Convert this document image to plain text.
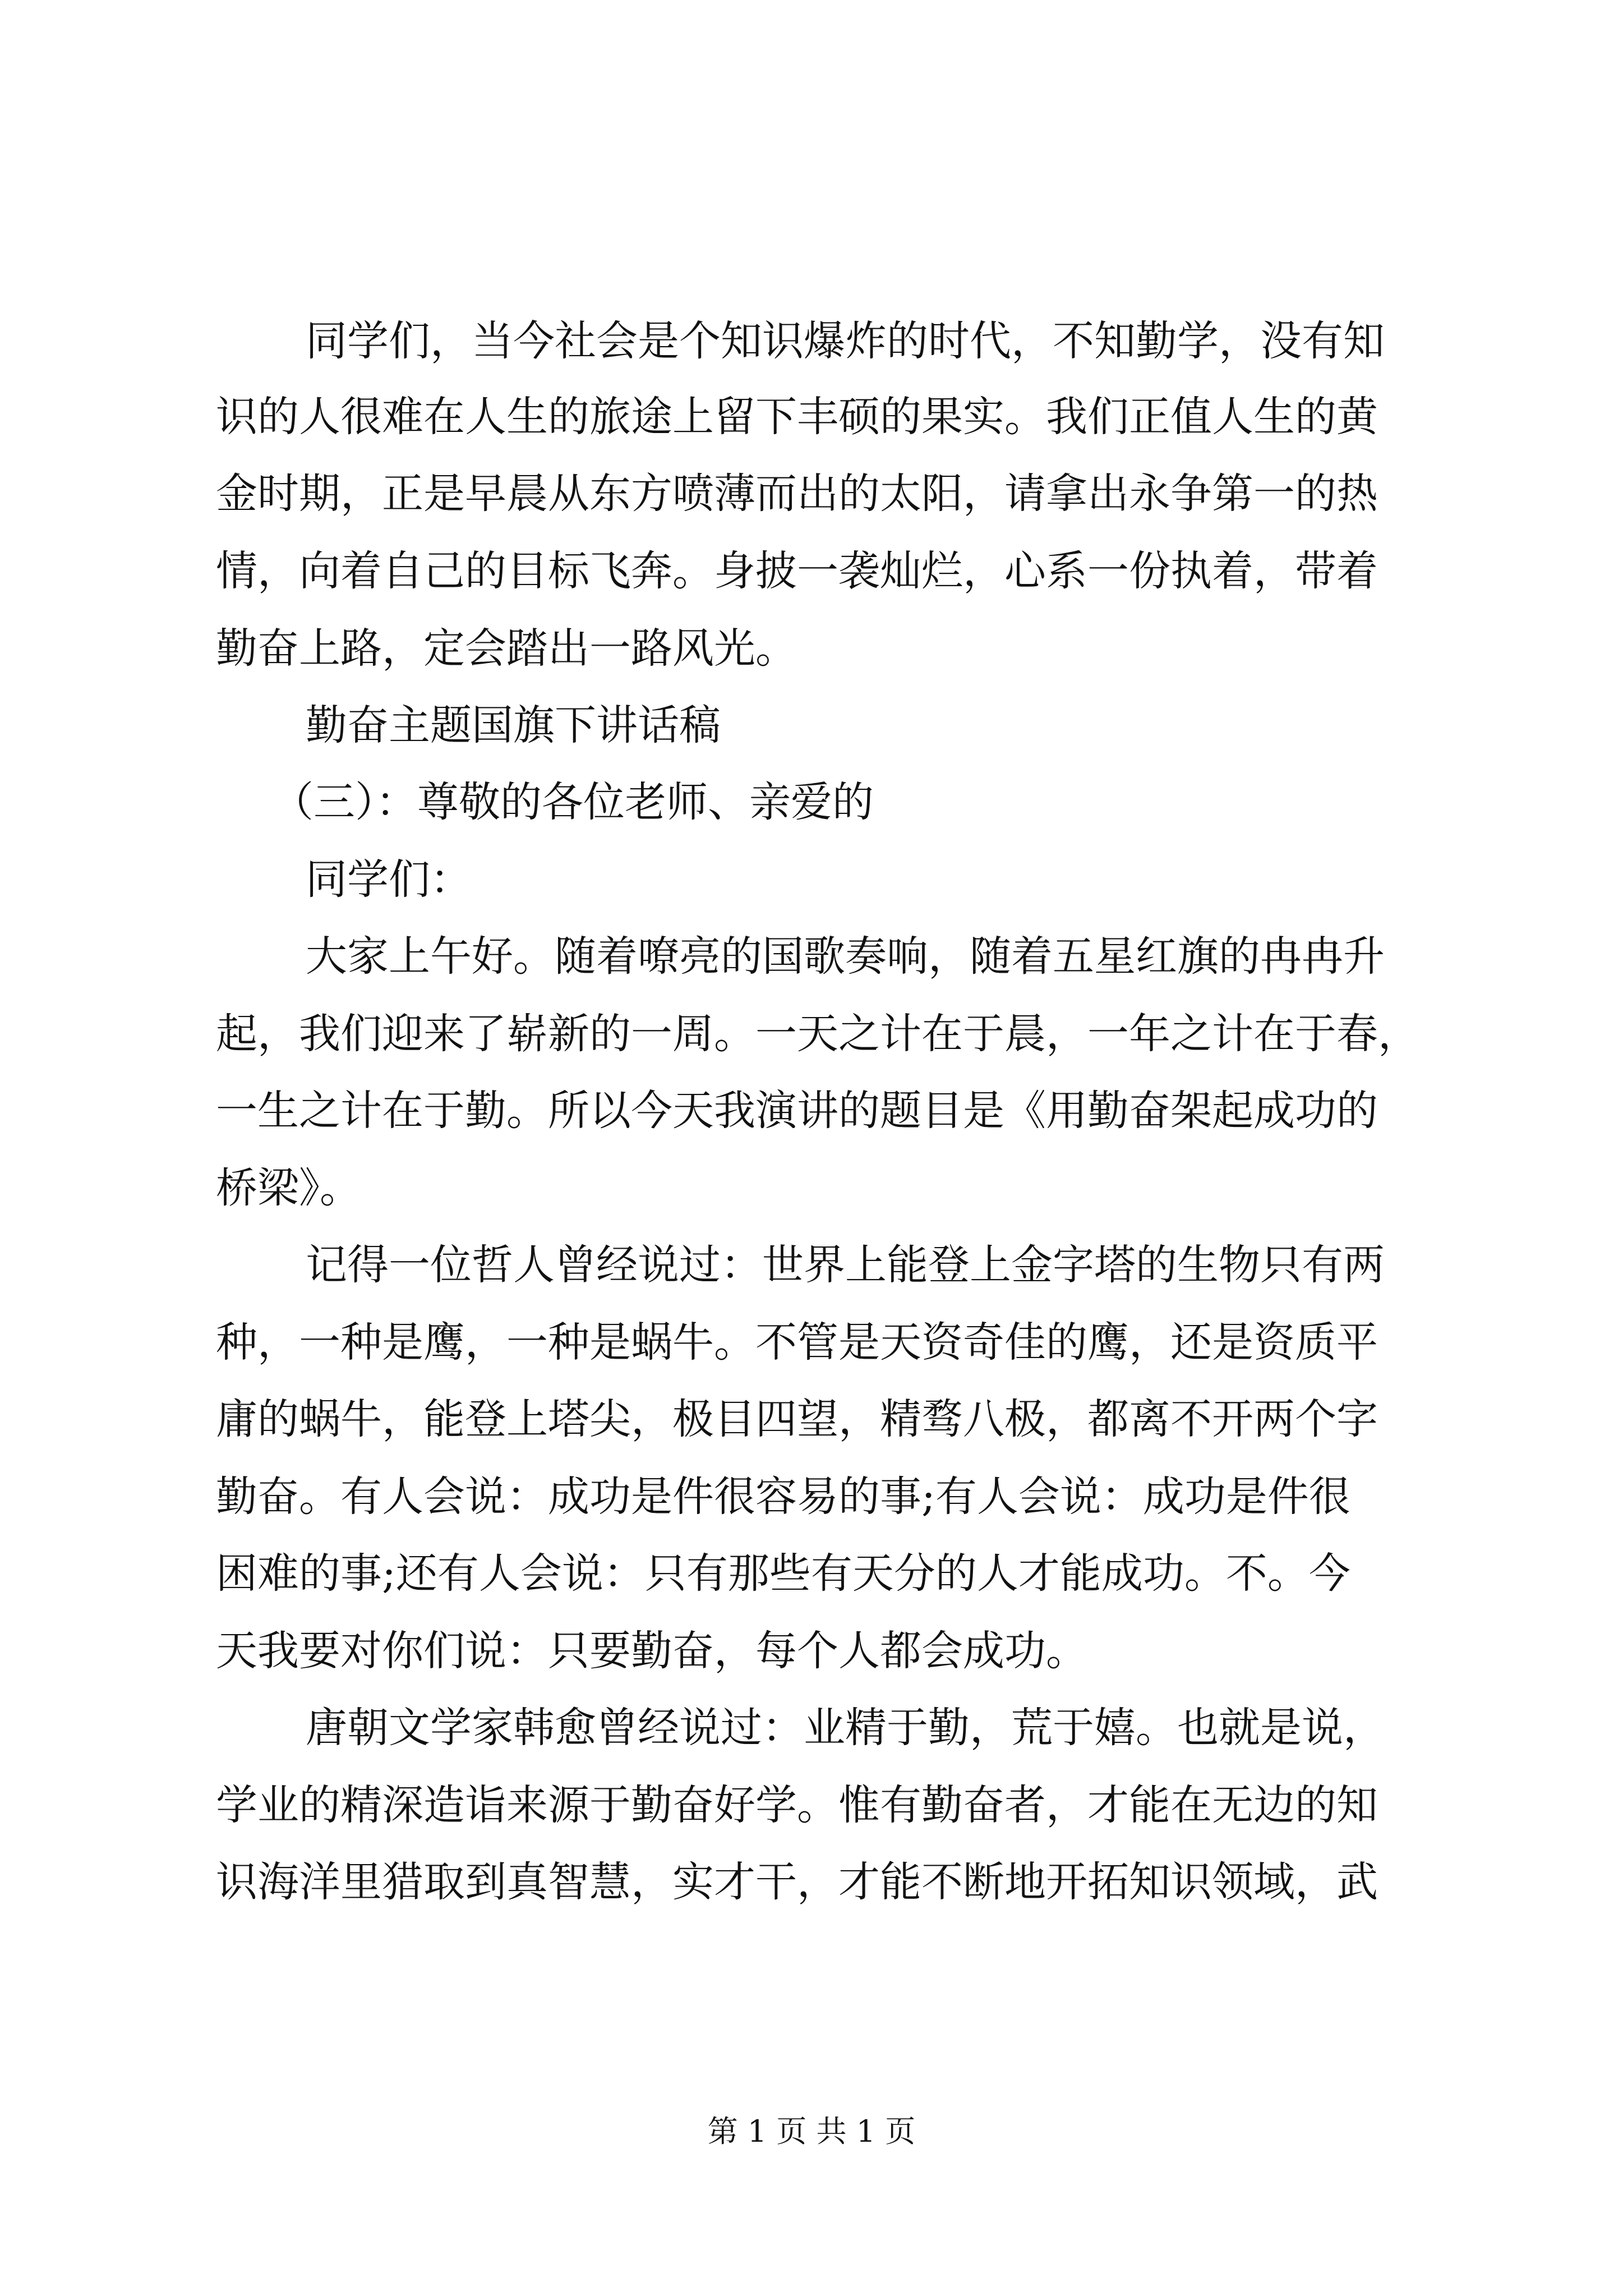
同学们，当今社会是个知识爆炸的时代，不知勤学，没有知
识的人很难在人生的旅途上留下丰硕的果实。我们正值人生的黄
金时期，正是早晨从东方喷薄而出的太阳，请拿出永争第一的热
情，向着自己的目标飞奔。身披一袭灿烂，心系一份执着，带着
勤奋上路，定会踏出一路风光。
勤奋主题国旗下讲话稿
（三）：尊敬的各位老师、亲爱的
同学们：
大家上午好。随着嘹亮的国歌奏响，随着五星红旗的冉冉升
起，我们迎来了崭新的一周。一天之计在于晨，一年之计在于春，
一生之计在于勤。所以今天我演讲的题目是《用勤奋架起成功的
桥梁》。
记得一位哲人曾经说过：世界上能登上金字塔的生物只有两
种，一种是鹰，一种是蜗牛。不管是天资奇佳的鹰，还是资质平
庸的蜗牛，能登上塔尖，极目四望，精骛八极，都离不开两个字
勤奋。有人会说：成功是件很容易的事;有人会说：成功是件很
困难的事;还有人会说：只有那些有天分的人才能成功。不。今
天我要对你们说：只要勤奋，每个人都会成功。
唐朝文学家韩愈曾经说过：业精于勤，荒于嬉。也就是说，
学业的精深造诣来源于勤奋好学。惟有勤奋者，才能在无边的知
识海洋里猎取到真智慧，实才干，才能不断地开拓知识领域，武
第 1 页 共 1 页
